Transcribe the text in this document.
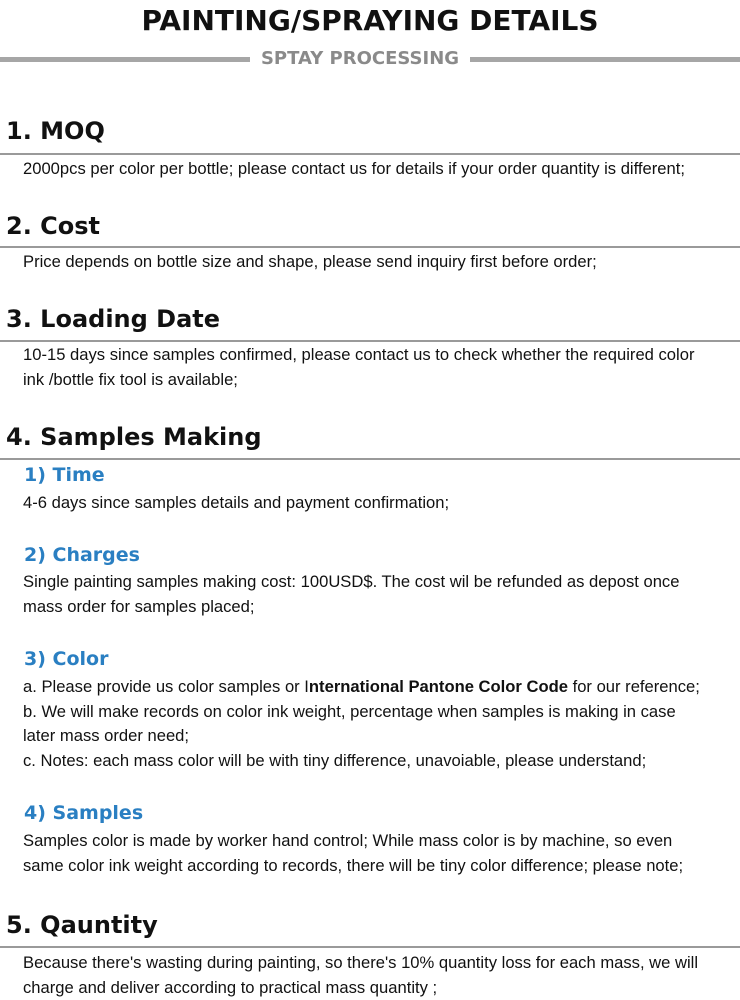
PAINTING/SPRAYING DETAILS
SPTAY PROCESSING
1. MOQ
2000pcs per color per bottle; please contact us for details if your order quantity is different;
2. Cost
Price depends on bottle size and shape, please send inquiry first before order;
3. Loading Date
10-15 days since samples confirmed, please contact us to check whether the required color
ink /bottle fix tool is available;
4. Samples Making
1) Time
4-6 days since samples details and payment confirmation;
2) Charges
Single painting samples making cost: 100USD$. The cost wil be refunded as depost once
mass order for samples placed;
3) Color
a. Please provide us color samples or International Pantone Color Code for our reference;
b. We will make records on color ink weight, percentage when samples is making in case
later mass order need;
c. Notes: each mass color will be with tiny difference, unavoiable, please understand;
4) Samples
Samples color is made by worker hand control; While mass color is by machine, so even
same color ink weight according to records, there will be tiny color difference; please note;
5. Qauntity
Because there's wasting during painting, so there's 10% quantity loss for each mass, we will
charge and deliver according to practical mass quantity ;
